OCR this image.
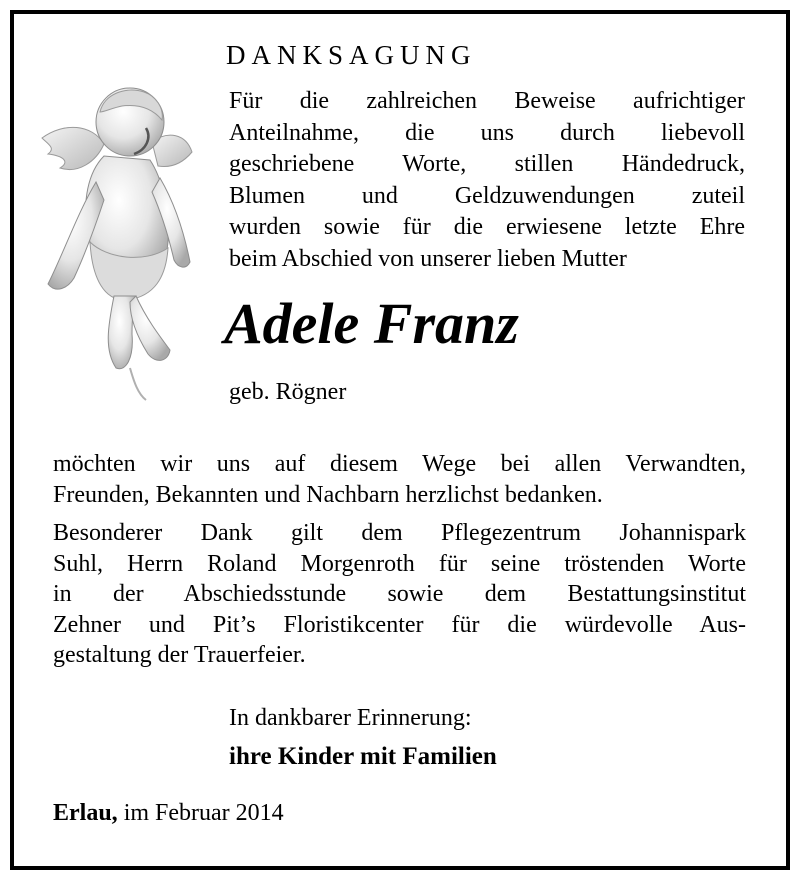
DANKSAGUNG
Für die zahlreichen Beweise aufrichtiger
Anteilnahme, die uns durch liebevoll
geschriebene Worte, stillen Händedruck,
Blumen und Geldzuwendungen zuteil
wurden sowie für die erwiesene letzte Ehre
beim Abschied von unserer lieben Mutter
Adele Franz
geb. Rögner
möchten wir uns auf diesem Wege bei allen Verwandten,
Freunden, Bekannten und Nachbarn herzlichst bedanken.
Besonderer Dank gilt dem Pflegezentrum Johannispark
Suhl, Herrn Roland Morgenroth für seine tröstenden Worte
in der Abschiedsstunde sowie dem Bestattungsinstitut
Zehner und Pit’s Floristikcenter für die würdevolle Aus-
gestaltung der Trauerfeier.
In dankbarer Erinnerung:
ihre Kinder mit Familien
Erlau, im Februar 2014
